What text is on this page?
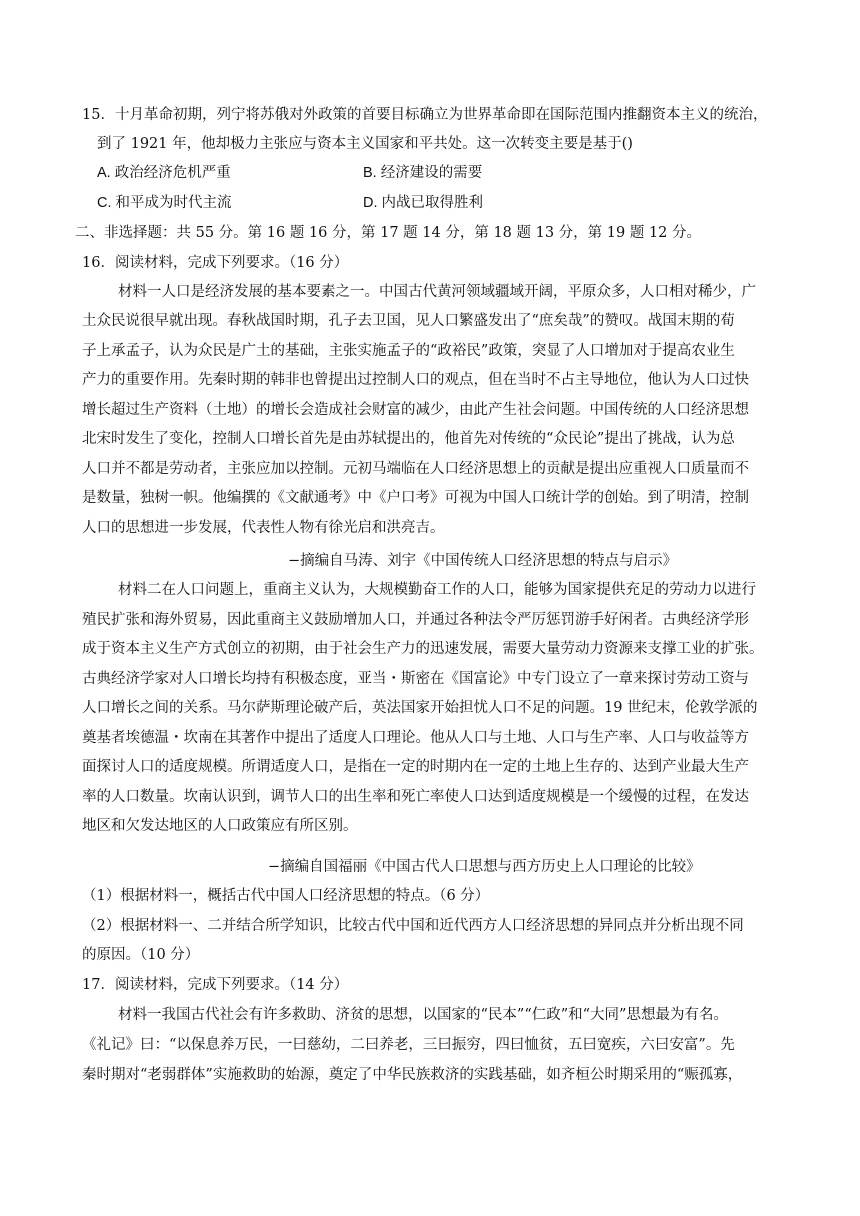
15．十月革命初期，列宁将苏俄对外政策的首要目标确立为世界革命即在国际范围内推翻资本主义的统治，
到了 1921 年，他却极力主张应与资本主义国家和平共处。这一次转变主要是基于()
A. 政治经济危机严重	B. 经济建设的需要
C. 和平成为时代主流	D. 内战已取得胜利
二、非选择题：共 55 分。第 16 题 16 分，第 17 题 14 分，第 18 题 13 分，第 19 题 12 分。
16．阅读材料，完成下列要求。（16 分）
材料一人口是经济发展的基本要素之一。中国古代黄河领域疆域开阔，平原众多，人口相对稀少，广
土众民说很早就出现。春秋战国时期，孔子去卫国，见人口繁盛发出了“庶矣哉”的赞叹。战国末期的荀
子上承孟子，认为众民是广土的基础，主张实施孟子的“政裕民”政策，突显了人口增加对于提高农业生
产力的重要作用。先秦时期的韩非也曾提出过控制人口的观点，但在当时不占主导地位，他认为人口过快
增长超过生产资料（土地）的增长会造成社会财富的减少，由此产生社会问题。中国传统的人口经济思想
北宋时发生了变化，控制人口增长首先是由苏轼提出的，他首先对传统的“众民论”提出了挑战，认为总
人口并不都是劳动者，主张应加以控制。元初马端临在人口经济思想上的贡献是提出应重视人口质量而不
是数量，独树一帜。他编撰的《文献通考》中《户口考》可视为中国人口统计学的创始。到了明清，控制
人口的思想进一步发展，代表性人物有徐光启和洪亮吉。
−摘编自马涛、刘宇《中国传统人口经济思想的特点与启示》
材料二在人口问题上，重商主义认为，大规模勤奋工作的人口，能够为国家提供充足的劳动力以进行
殖民扩张和海外贸易，因此重商主义鼓励增加人口，并通过各种法令严厉惩罚游手好闲者。古典经济学形
成于资本主义生产方式创立的初期，由于社会生产力的迅速发展，需要大量劳动力资源来支撑工业的扩张。
古典经济学家对人口增长均持有积极态度，亚当・斯密在《国富论》中专门设立了一章来探讨劳动工资与
人口增长之间的关系。马尔萨斯理论破产后，英法国家开始担忧人口不足的问题。19 世纪末，伦敦学派的
奠基者埃德温・坎南在其著作中提出了适度人口理论。他从人口与土地、人口与生产率、人口与收益等方
面探讨人口的适度规模。所谓适度人口，是指在一定的时期内在一定的土地上生存的、达到产业最大生产
率的人口数量。坎南认识到，调节人口的出生率和死亡率使人口达到适度规模是一个缓慢的过程，在发达
地区和欠发达地区的人口政策应有所区别。
−摘编自国福丽《中国古代人口思想与西方历史上人口理论的比较》
（1）根据材料一，概括古代中国人口经济思想的特点。（6 分）
（2）根据材料一、二并结合所学知识，比较古代中国和近代西方人口经济思想的异同点并分析出现不同
的原因。（10 分）
17．阅读材料，完成下列要求。（14 分）
材料一我国古代社会有许多救助、济贫的思想，以国家的“民本”“仁政”和“大同”思想最为有名。
《礼记》曰：“以保息养万民，一曰慈幼，二曰养老，三曰振穷，四曰恤贫，五曰宽疾，六曰安富”。先
秦时期对“老弱群体”实施救助的始源，奠定了中华民族救济的实践基础，如齐桓公时期采用的“赈孤寡，
